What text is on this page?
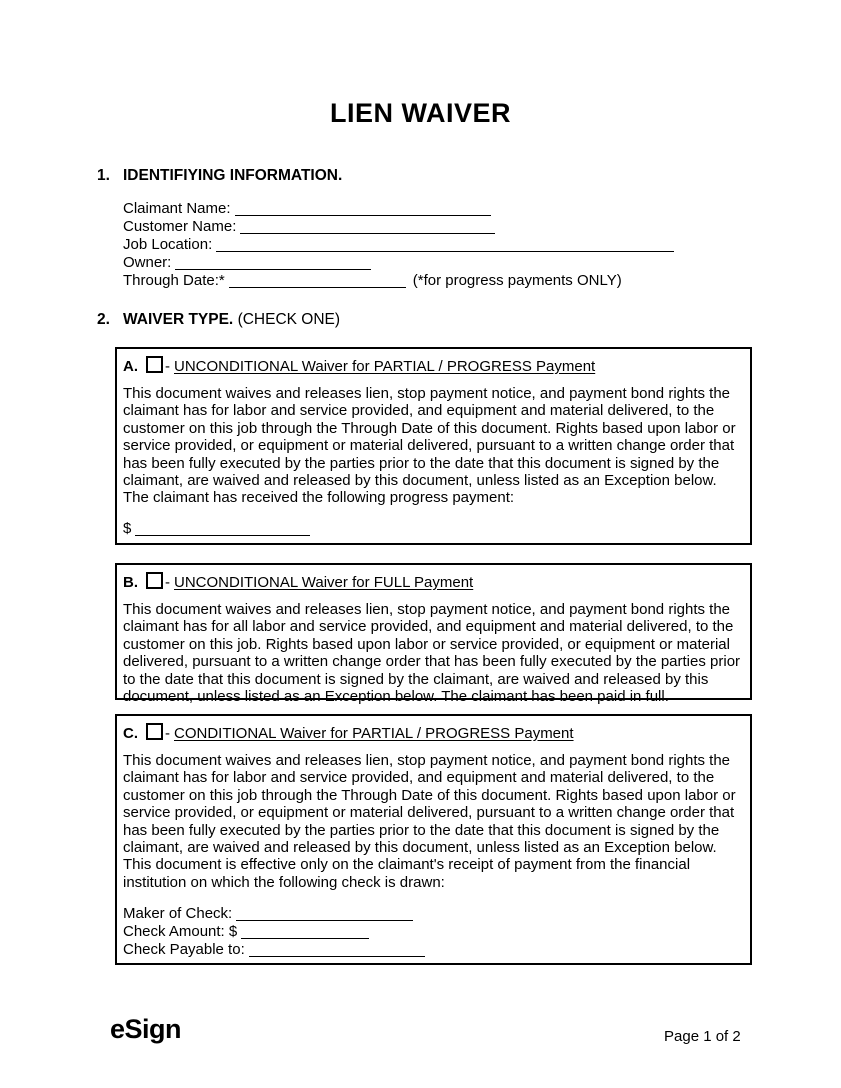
LIEN WAIVER
1. IDENTIFIYING INFORMATION.
Claimant Name:
Customer Name:
Job Location:
Owner:
Through Date:*	(*for progress payments ONLY)
2. WAIVER TYPE. (CHECK ONE)
A. - UNCONDITIONAL Waiver for PARTIAL / PROGRESS Payment

This document waives and releases lien, stop payment notice, and payment bond rights the claimant has for labor and service provided, and equipment and material delivered, to the customer on this job through the Through Date of this document. Rights based upon labor or service provided, or equipment or material delivered, pursuant to a written change order that has been fully executed by the parties prior to the date that this document is signed by the claimant, are waived and released by this document, unless listed as an Exception below. The claimant has received the following progress payment:

$
B. - UNCONDITIONAL Waiver for FULL Payment

This document waives and releases lien, stop payment notice, and payment bond rights the claimant has for all labor and service provided, and equipment and material delivered, to the customer on this job. Rights based upon labor or service provided, or equipment or material delivered, pursuant to a written change order that has been fully executed by the parties prior to the date that this document is signed by the claimant, are waived and released by this document, unless listed as an Exception below. The claimant has been paid in full.

C. - CONDITIONAL Waiver for PARTIAL / PROGRESS Payment

This document waives and releases lien, stop payment notice, and payment bond rights the claimant has for labor and service provided, and equipment and material delivered, to the customer on this job through the Through Date of this document. Rights based upon labor or service provided, or equipment or material delivered, pursuant to a written change order that has been fully executed by the parties prior to the date that this document is signed by the claimant, are waived and released by this document, unless listed as an Exception below. This document is effective only on the claimant's receipt of payment from the financial institution on which the following check is drawn:

Maker of Check:
Check Amount: $
Check Payable to:
eSign	Page 1 of 2
